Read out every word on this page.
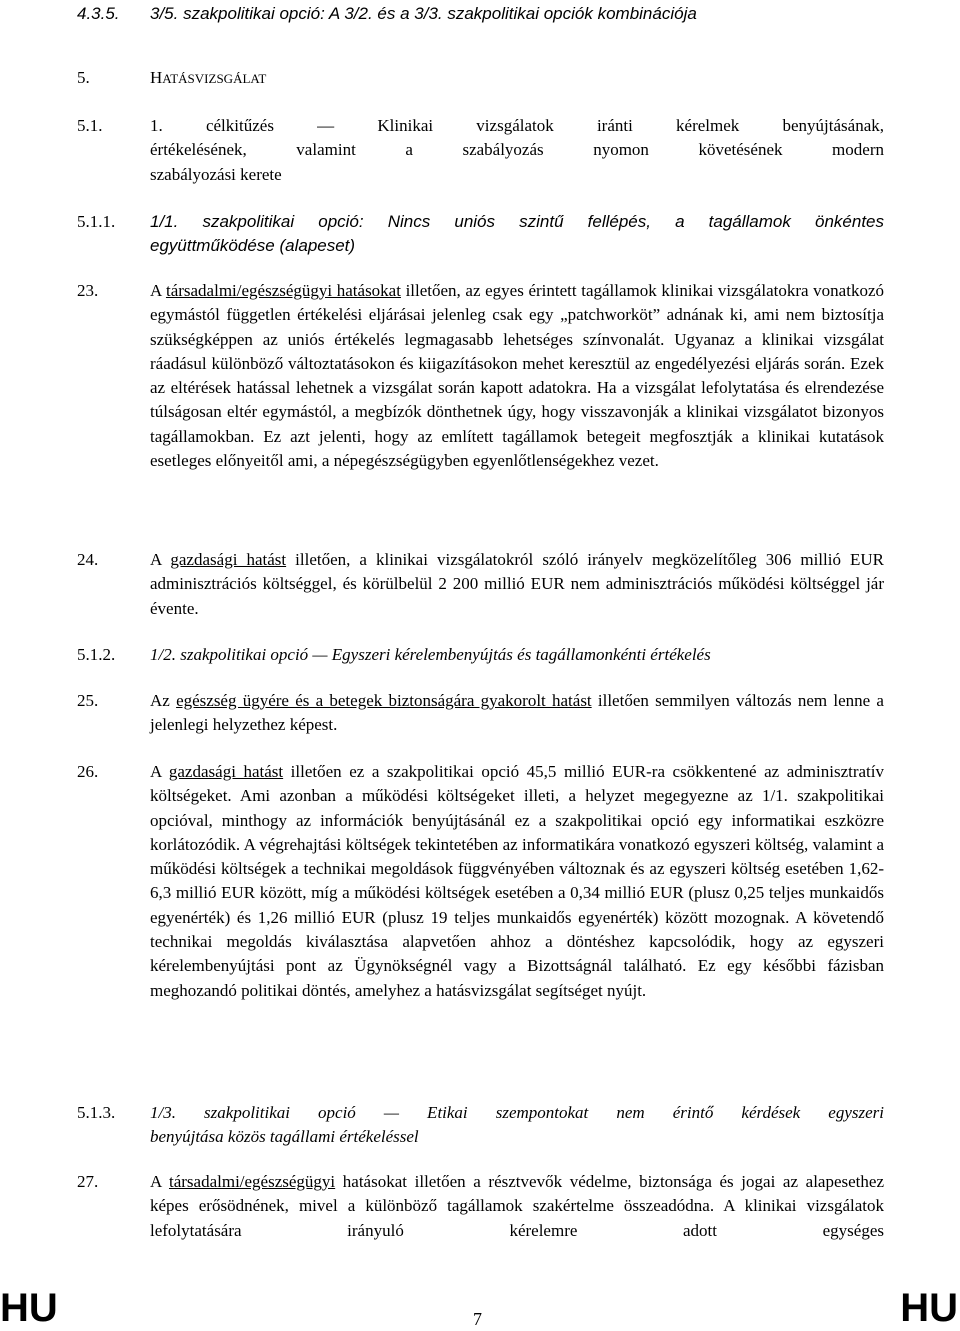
4.3.5. 3/5. szakpolitikai opció: A 3/2. és a 3/3. szakpolitikai opciók kombinációja
5.	HATÁSVIZSGÁLAT
5.1.	1. célkitűzés — Klinikai vizsgálatok iránti kérelmek benyújtásának,
értékelésének, valamint a szabályozás nyomon követésének modern
szabályozási kerete
5.1.1. 1/1. szakpolitikai opció: Nincs uniós szintű fellépés, a tagállamok önkéntes
együttműködése (alapeset)
23.	A társadalmi/egészségügyi hatásokat illetően, az egyes érintett tagállamok klinikai vizsgálatokra vonatkozó egymástól független értékelési eljárásai jelenleg csak egy „patchworköt” adnának ki, ami nem biztosítja szükségképpen az uniós értékelés legmagasabb lehetséges színvonalát. Ugyanaz a klinikai vizsgálat ráadásul különböző változtatásokon és kiigazításokon mehet keresztül az engedélyezési eljárás során. Ezek az eltérések hatással lehetnek a vizsgálat során kapott adatokra. Ha a vizsgálat lefolytatása és elrendezése túlságosan eltér egymástól, a megbízók dönthetnek úgy, hogy visszavonják a klinikai vizsgálatot bizonyos tagállamokban. Ez azt jelenti, hogy az említett tagállamok betegeit megfosztják a klinikai kutatások esetleges előnyeitől ami, a népegészségügyben egyenlőtlenségekhez vezet.
24.	A gazdasági hatást illetően, a klinikai vizsgálatokról szóló irányelv megközelítőleg 306 millió EUR adminisztrációs költséggel, és körülbelül 2 200 millió EUR nem adminisztrációs működési költséggel jár évente.
5.1.2. 1/2. szakpolitikai opció — Egyszeri kérelembenyújtás és tagállamonkénti értékelés
25.	Az egészség ügyére és a betegek biztonságára gyakorolt hatást illetően semmilyen változás nem lenne a jelenlegi helyzethez képest.
26.	A gazdasági hatást illetően ez a szakpolitikai opció 45,5 millió EUR-ra csökkentené az adminisztratív költségeket. Ami azonban a működési költségeket illeti, a helyzet megegyezne az 1/1. szakpolitikai opcióval, minthogy az információk benyújtásánál ez a szakpolitikai opció egy informatikai eszközre korlátozódik. A végrehajtási költségek tekintetében az informatikára vonatkozó egyszeri költség, valamint a működési költségek a technikai megoldások függvényében változnak és az egyszeri költség esetében 1,62-6,3 millió EUR között, míg a működési költségek esetében a 0,34 millió EUR (plusz 0,25 teljes munkaidős egyenérték) és 1,26 millió EUR (plusz 19 teljes munkaidős egyenérték) között mozognak. A követendő technikai megoldás kiválasztása alapvetően ahhoz a döntéshez kapcsolódik, hogy az egyszeri kérelembenyújtási pont az Ügynökségnél vagy a Bizottságnál található. Ez egy későbbi fázisban meghozandó politikai döntés, amelyhez a hatásvizsgálat segítséget nyújt.
5.1.3. 1/3. szakpolitikai opció — Etikai szempontokat nem érintő kérdések egyszeri
benyújtása közös tagállami értékeléssel
27.	A társadalmi/egészségügyi hatásokat illetően a résztvevők védelme, biztonsága és jogai az alapesethez képes erősödnének, mivel a különböző tagállamok szakértelme összeadódna. A klinikai vizsgálatok lefolytatására irányuló kérelemre adott egységes
HU	7	HU
